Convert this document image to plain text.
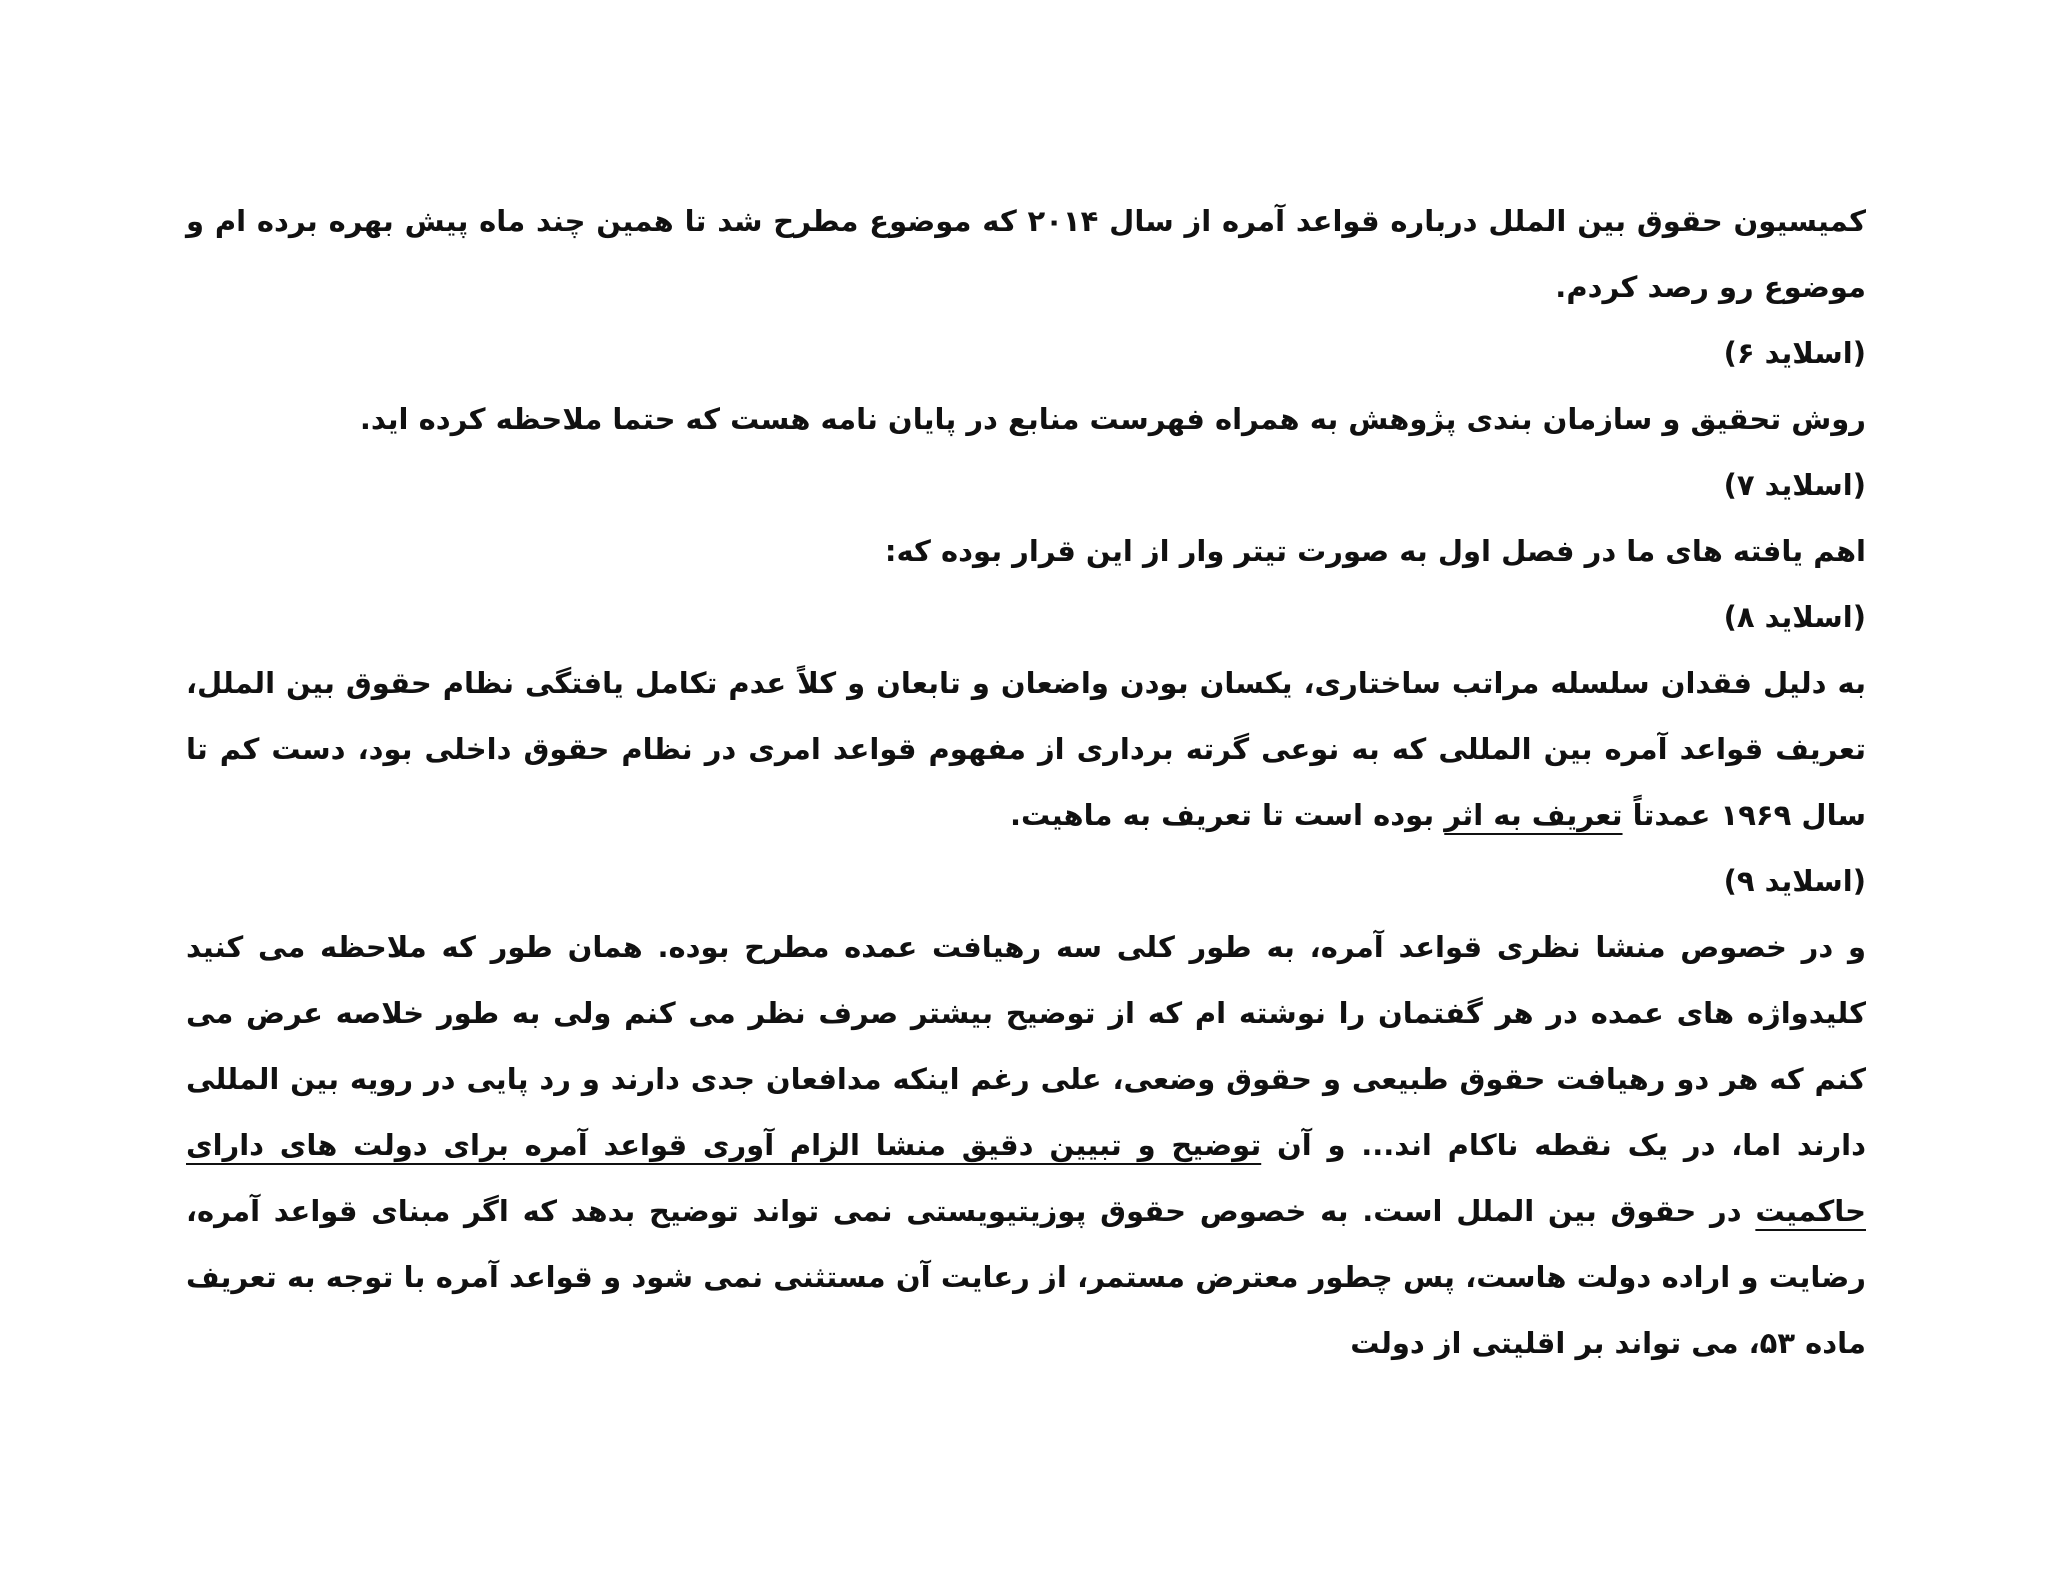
کمیسیون حقوق بین الملل درباره قواعد آمره از سال ۲۰۱۴ که موضوع مطرح شد تا همین چند ماه پیش بهره برده ام و موضوع رو رصد کردم.

(اسلاید ۶)

روش تحقیق و سازمان بندی پژوهش به همراه فهرست منابع در پایان نامه هست که حتما ملاحظه کرده اید.

(اسلاید ۷)

اهم یافته های ما در فصل اول به صورت تیتر وار از این قرار بوده که:

(اسلاید ۸)

به دلیل فقدان سلسله مراتب ساختاری، یکسان بودن واضعان و تابعان و کلاً عدم تکامل یافتگی نظام حقوق بین الملل، تعریف قواعد آمره بین المللی که به نوعی گرته برداری از مفهوم قواعد امری در نظام حقوق داخلی بود، دست کم تا سال ۱۹۶۹ عمدتاً تعریف به اثر بوده است تا تعریف به ماهیت.

(اسلاید ۹)

و در خصوص منشا نظری قواعد آمره، به طور کلی سه رهیافت عمده مطرح بوده. همان طور که ملاحظه می کنید کلیدواژه های عمده در هر گفتمان را نوشته ام که از توضیح بیشتر صرف نظر می کنم ولی به طور خلاصه عرض می کنم که هر دو رهیافت حقوق طبیعی و حقوق وضعی، علی رغم اینکه مدافعان جدی دارند و رد پایی در رویه بین المللی دارند اما، در یک نقطه ناکام اند... و آن توضیح و تبیین دقیق منشا الزام آوری قواعد آمره برای دولت های دارای حاکمیت در حقوق بین الملل است. به خصوص حقوق پوزیتیویستی نمی تواند توضیح بدهد که اگر مبنای قواعد آمره، رضایت و اراده دولت هاست، پس چطور معترض مستمر، از رعایت آن مستثنی نمی شود و قواعد آمره با توجه به تعریف ماده ۵۳، می تواند بر اقلیتی از دولت
